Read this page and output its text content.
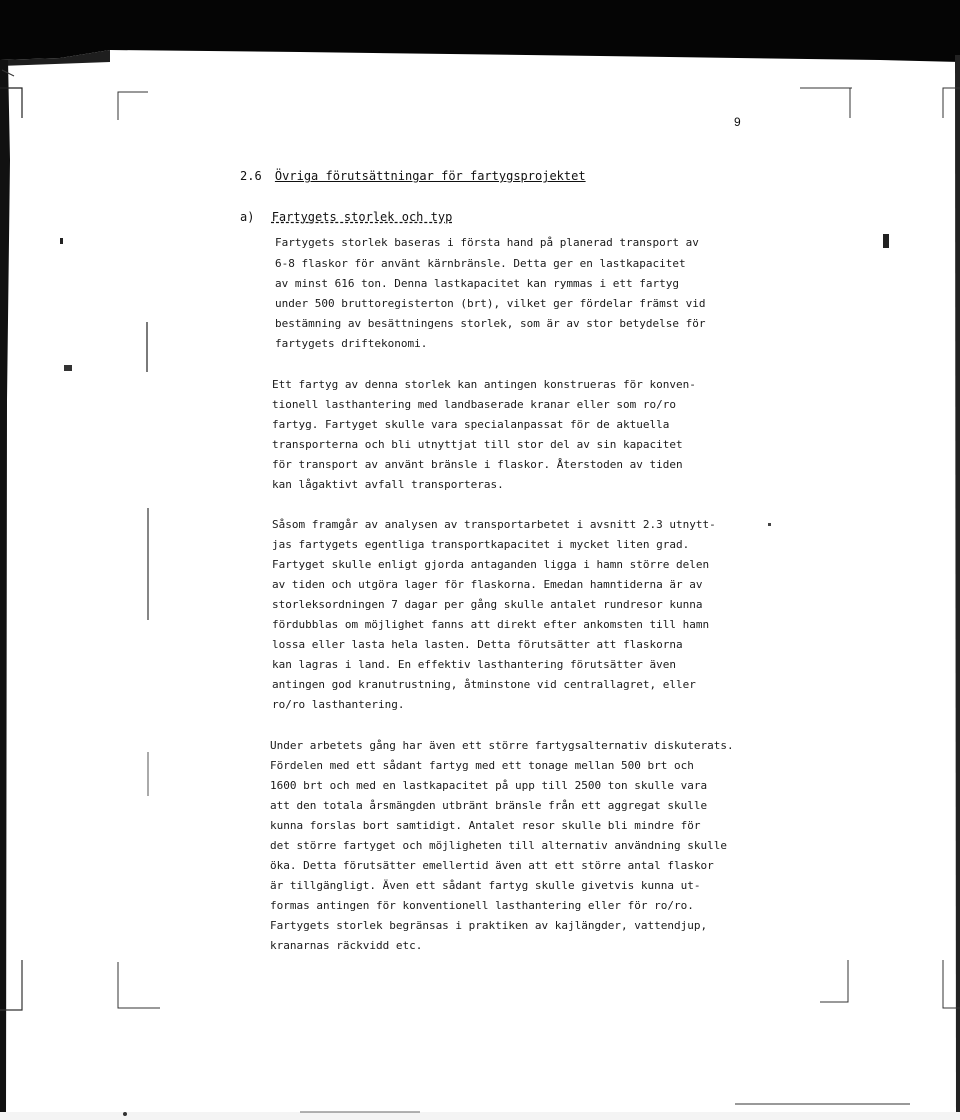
9
2.6 Övriga förutsättningar för fartygsprojektet
a) Fartygets storlek och typ
Fartygets storlek baseras i första hand på planerad transport av
6-8 flaskor för använt kärnbränsle. Detta ger en lastkapacitet
av minst 616 ton. Denna lastkapacitet kan rymmas i ett fartyg
under 500 bruttoregisterton (brt), vilket ger fördelar främst vid
bestämning av besättningens storlek, som är av stor betydelse för
fartygets driftekonomi.
Ett fartyg av denna storlek kan antingen konstrueras för konven-
tionell lasthantering med landbaserade kranar eller som ro/ro
fartyg. Fartyget skulle vara specialanpassat för de aktuella
transporterna och bli utnyttjat till stor del av sin kapacitet
för transport av använt bränsle i flaskor. Återstoden av tiden
kan lågaktivt avfall transporteras.
Såsom framgår av analysen av transportarbetet i avsnitt 2.3 utnytt-
jas fartygets egentliga transportkapacitet i mycket liten grad.
Fartyget skulle enligt gjorda antaganden ligga i hamn större delen
av tiden och utgöra lager för flaskorna. Emedan hamntiderna är av
storleksordningen 7 dagar per gång skulle antalet rundresor kunna
fördubblas om möjlighet fanns att direkt efter ankomsten till hamn
lossa eller lasta hela lasten. Detta förutsätter att flaskorna
kan lagras i land. En effektiv lasthantering förutsätter även
antingen god kranutrustning, åtminstone vid centrallagret, eller
ro/ro lasthantering.
Under arbetets gång har även ett större fartygsalternativ diskuterats.
Fördelen med ett sådant fartyg med ett tonage mellan 500 brt och
1600 brt och med en lastkapacitet på upp till 2500 ton skulle vara
att den totala årsmängden utbränt bränsle från ett aggregat skulle
kunna forslas bort samtidigt. Antalet resor skulle bli mindre för
det större fartyget och möjligheten till alternativ användning skulle
öka. Detta förutsätter emellertid även att ett större antal flaskor
är tillgängligt. Även ett sådant fartyg skulle givetvis kunna ut-
formas antingen för konventionell lasthantering eller för ro/ro.
Fartygets storlek begränsas i praktiken av kajlängder, vattendjup,
kranarnas räckvidd etc.
